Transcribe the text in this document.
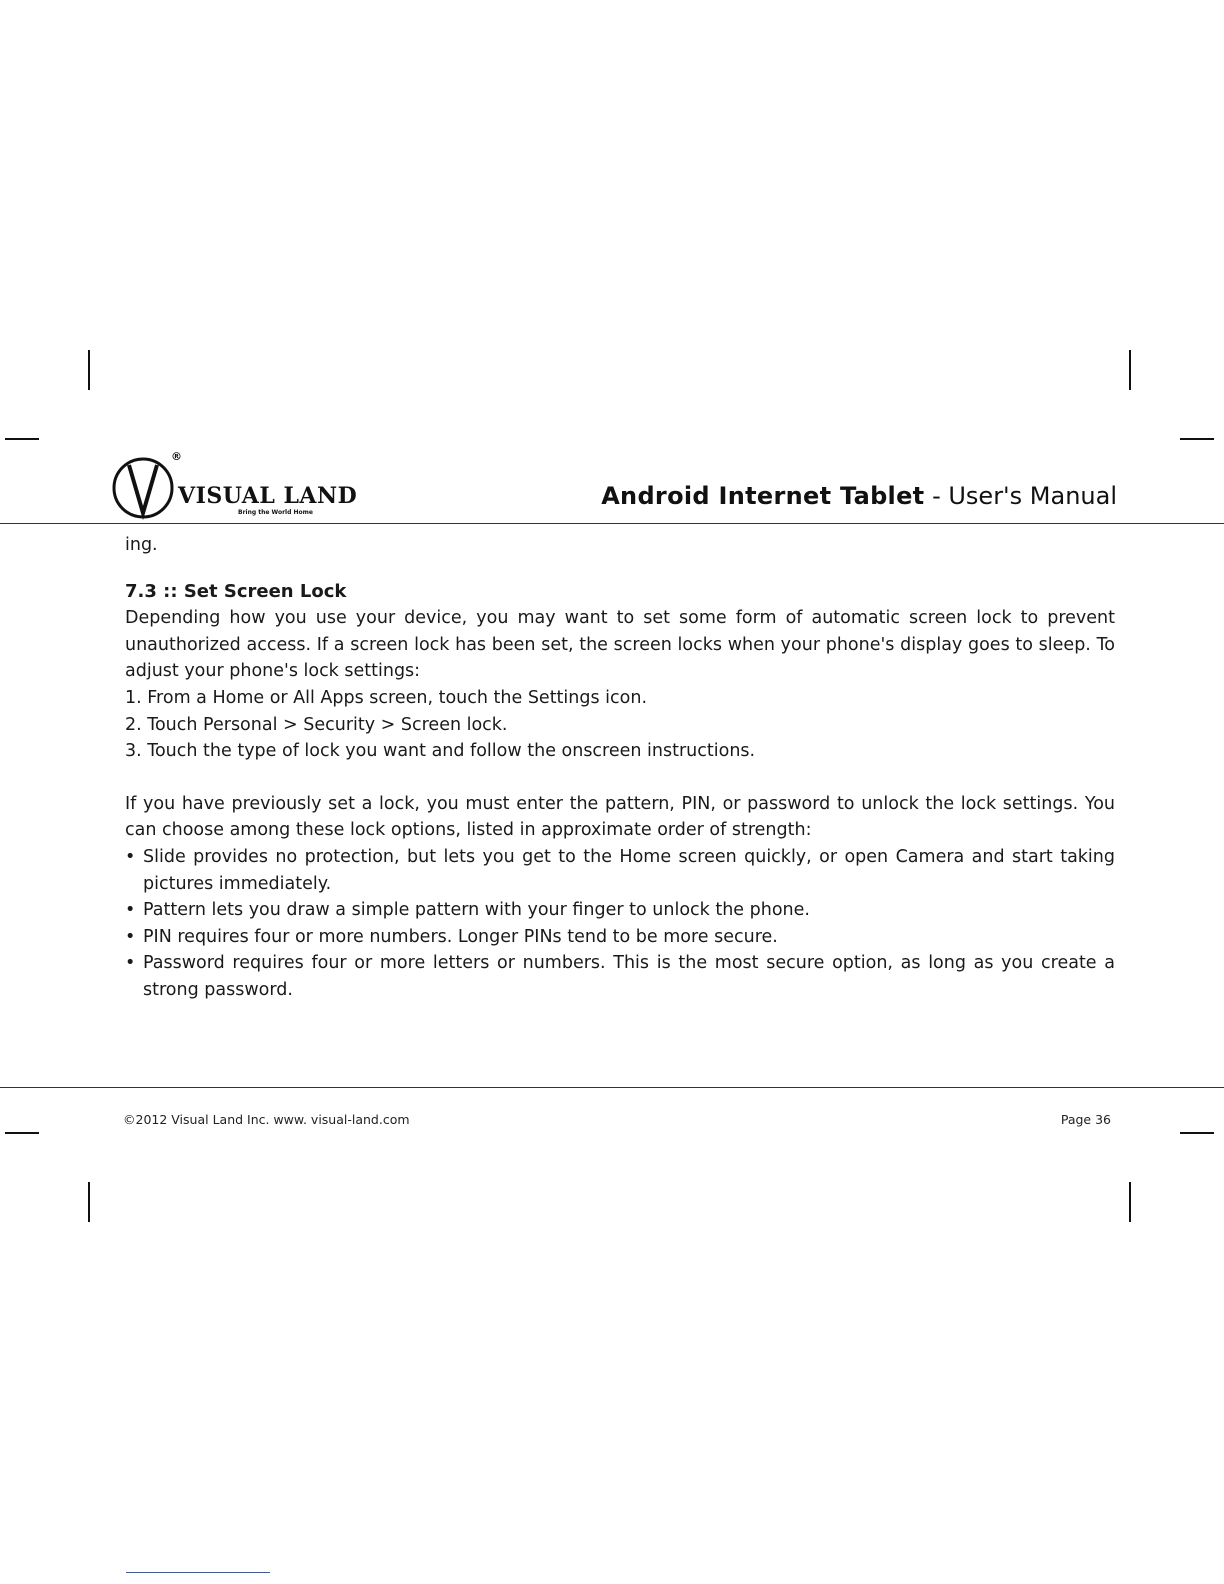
®
VISUAL LAND
Bring the World Home
Android Internet Tablet - User's Manual

ing.

7.3 :: Set Screen Lock

Depending how you use your device, you may want to set some form of automatic screen lock to prevent unauthorized access. If a screen lock has been set, the screen locks when your phone's display goes to sleep. To adjust your phone's lock settings:

1. From a Home or All Apps screen, touch the Settings icon.

2. Touch Personal > Security > Screen lock.

3. Touch the type of lock you want and follow the onscreen instructions.

If you have previously set a lock, you must enter the pattern, PIN, or password to unlock the lock settings. You can choose among these lock options, listed in approximate order of strength:

• Slide provides no protection, but lets you get to the Home screen quickly, or open Camera and start taking pictures immediately.
• Pattern lets you draw a simple pattern with your finger to unlock the phone.
• PIN requires four or more numbers. Longer PINs tend to be more secure.
• Password requires four or more letters or numbers. This is the most secure option, as long as you create a strong password.
©2012 Visual Land Inc. www. visual-land.com	Page 36
